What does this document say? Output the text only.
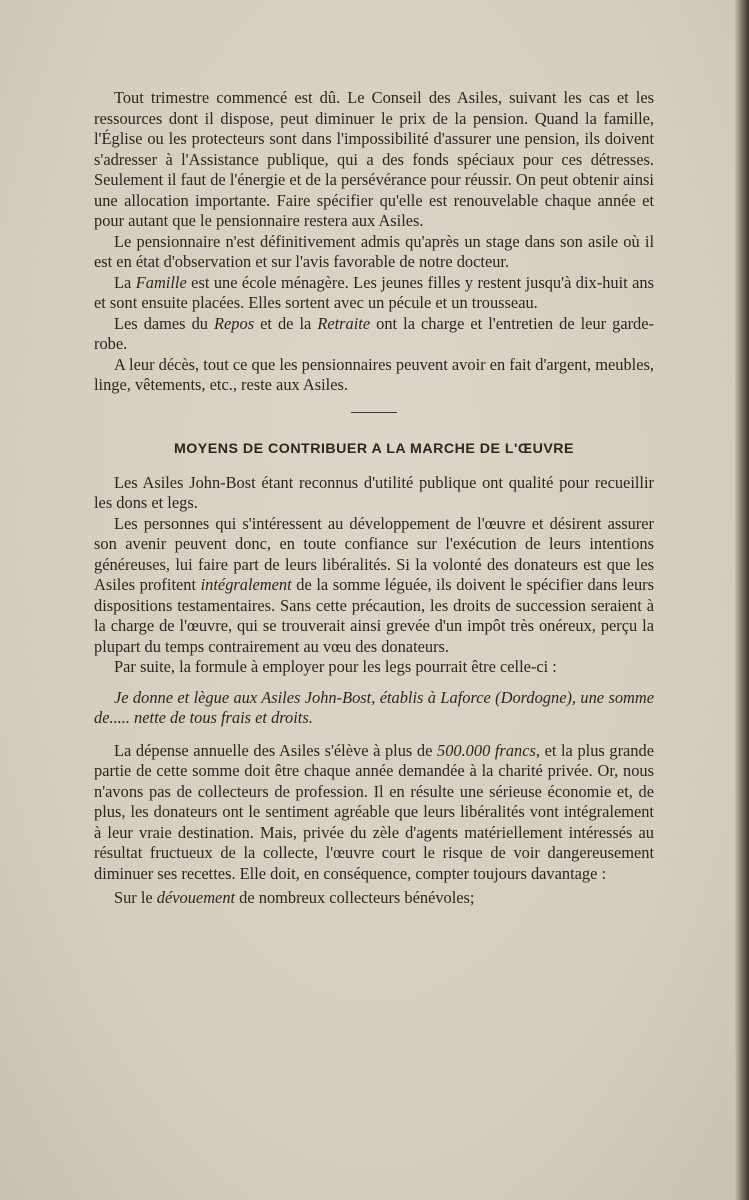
Tout trimestre commencé est dû. Le Conseil des Asiles, suivant les cas et les ressources dont il dispose, peut diminuer le prix de la pension. Quand la famille, l'Église ou les protecteurs sont dans l'impossibilité d'assurer une pension, ils doivent s'adresser à l'Assistance publique, qui a des fonds spéciaux pour ces détresses. Seulement il faut de l'énergie et de la persévérance pour réussir. On peut obtenir ainsi une allocation importante. Faire spécifier qu'elle est renouvelable chaque année et pour autant que le pensionnaire restera aux Asiles.

Le pensionnaire n'est définitivement admis qu'après un stage dans son asile où il est en état d'observation et sur l'avis favorable de notre docteur.

La Famille est une école ménagère. Les jeunes filles y restent jusqu'à dix-huit ans et sont ensuite placées. Elles sortent avec un pécule et un trousseau.

Les dames du Repos et de la Retraite ont la charge et l'entretien de leur garde-robe.

A leur décès, tout ce que les pensionnaires peuvent avoir en fait d'argent, meubles, linge, vêtements, etc., reste aux Asiles.

MOYENS DE CONTRIBUER A LA MARCHE DE L'ŒUVRE

Les Asiles John-Bost étant reconnus d'utilité publique ont qualité pour recueillir les dons et legs.

Les personnes qui s'intéressent au développement de l'œuvre et désirent assurer son avenir peuvent donc, en toute confiance sur l'exécution de leurs intentions généreuses, lui faire part de leurs libéralités. Si la volonté des donateurs est que les Asiles profitent intégralement de la somme léguée, ils doivent le spécifier dans leurs dispositions testamentaires. Sans cette précaution, les droits de succession seraient à la charge de l'œuvre, qui se trouverait ainsi grevée d'un impôt très onéreux, perçu la plupart du temps contrairement au vœu des donateurs.

Par suite, la formule à employer pour les legs pourrait être celle-ci :

Je donne et lègue aux Asiles John-Bost, établis à Laforce (Dordogne), une somme de..... nette de tous frais et droits.

La dépense annuelle des Asiles s'élève à plus de 500.000 francs, et la plus grande partie de cette somme doit être chaque année demandée à la charité privée. Or, nous n'avons pas de collecteurs de profession. Il en résulte une sérieuse économie et, de plus, les donateurs ont le sentiment agréable que leurs libéralités vont intégralement à leur vraie destination. Mais, privée du zèle d'agents matériellement intéressés au résultat fructueux de la collecte, l'œuvre court le risque de voir dangereusement diminuer ses recettes. Elle doit, en conséquence, compter toujours davantage :

Sur le dévouement de nombreux collecteurs bénévoles;
